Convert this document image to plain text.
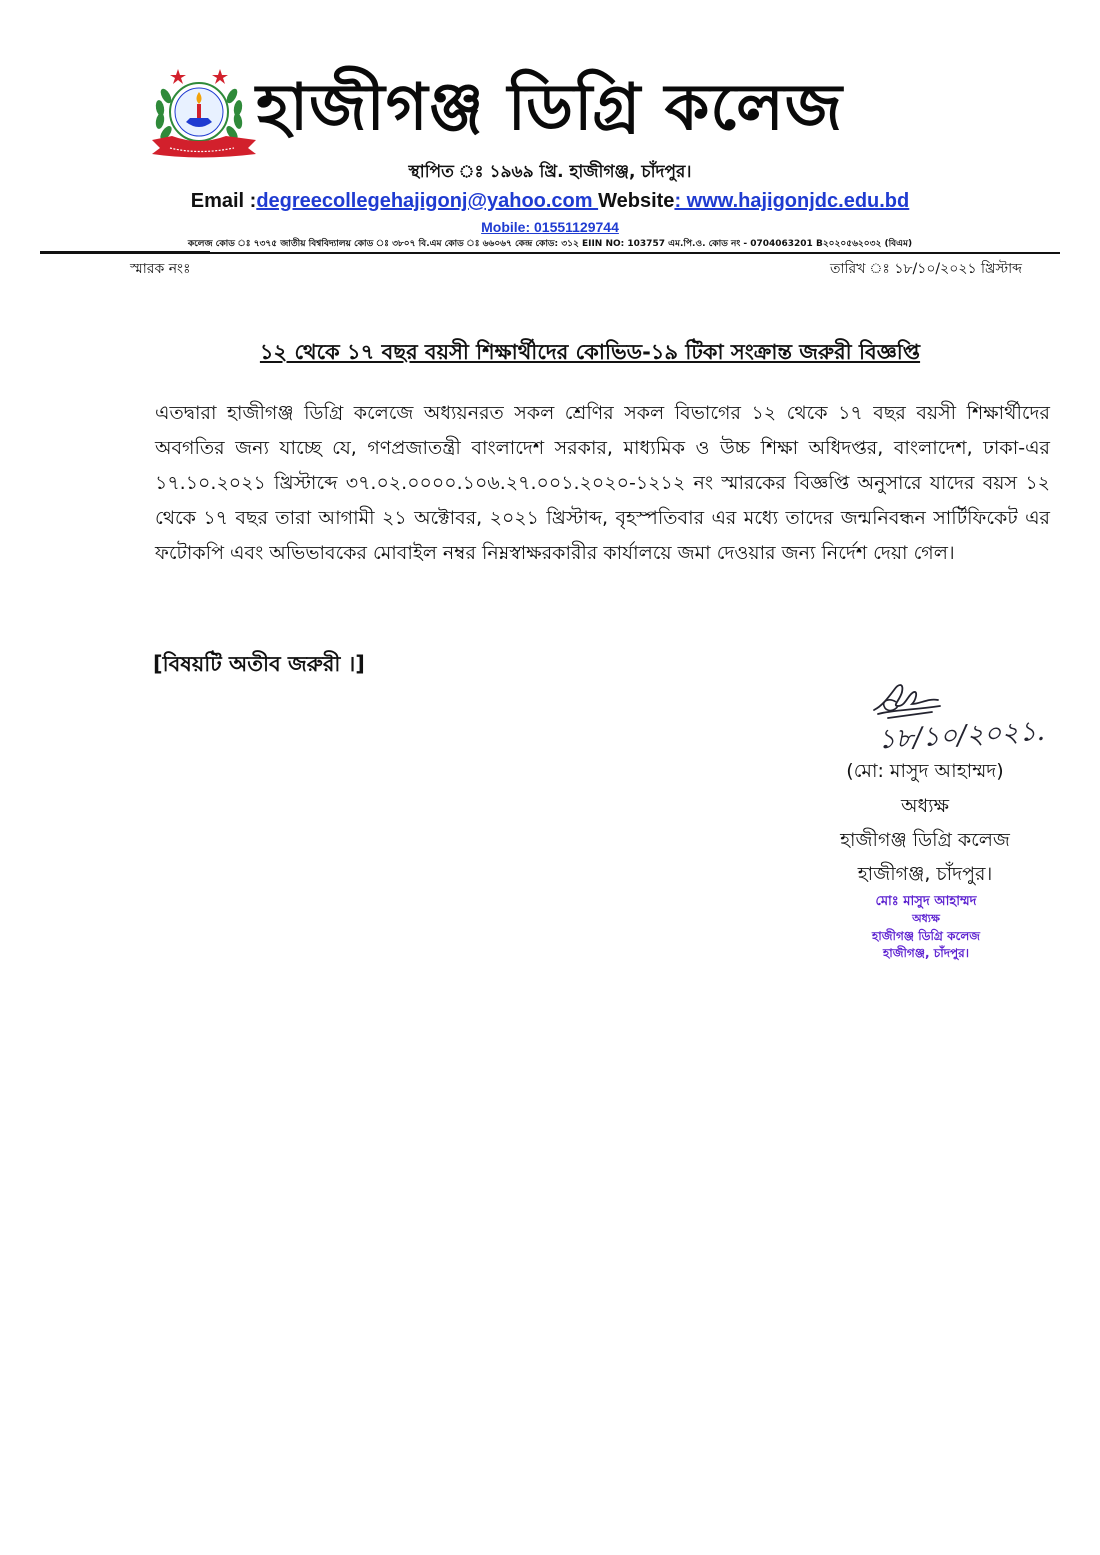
হাজীগঞ্জ ডিগ্রি কলেজ
স্থাপিত ঃ ১৯৬৯ খ্রি. হাজীগঞ্জ, চাঁদপুর।
Email :degreecollegehajigonj@yahoo.com Website: www.hajigonjdc.edu.bd
Mobile: 01551129744
কলেজ কোড ঃ ৭৩৭৫ জাতীয় বিশ্ববিদ্যালয় কোড ঃ ৩৮০৭ বি.এম কোড ঃ ৬৬০৬৭ কেন্দ্র কোড: ৩১২ EIIN NO: 103757 এম.পি.ও. কোড নং - 0704063201 B২০২০৫৬২০৩২ (বিএম)
স্মারক নংঃ	তারিখ ঃ ১৮/১০/২০২১ খ্রিস্টাব্দ
১২ থেকে ১৭ বছর বয়সী শিক্ষার্থীদের কোভিড-১৯ টিকা সংক্রান্ত জরুরী বিজ্ঞপ্তি
এতদ্বারা হাজীগঞ্জ ডিগ্রি কলেজে অধ্যয়নরত সকল শ্রেণির সকল বিভাগের ১২ থেকে ১৭ বছর বয়সী শিক্ষার্থীদের অবগতির জন্য যাচ্ছে যে, গণপ্রজাতন্ত্রী বাংলাদেশ সরকার, মাধ্যমিক ও উচ্চ শিক্ষা অধিদপ্তর, বাংলাদেশ, ঢাকা-এর ১৭.১০.২০২১ খ্রিস্টাব্দে ৩৭.০২.০০০০.১০৬.২৭.০০১.২০২০-১২১২ নং স্মারকের বিজ্ঞপ্তি অনুসারে যাদের বয়স ১২ থেকে ১৭ বছর তারা আগামী ২১ অক্টোবর, ২০২১ খ্রিস্টাব্দ, বৃহস্পতিবার এর মধ্যে তাদের জন্মনিবন্ধন সার্টিফিকেট এর ফটোকপি এবং অভিভাবকের মোবাইল নম্বর নিম্নস্বাক্ষরকারীর কার্যালয়ে জমা দেওয়ার জন্য নির্দেশ দেয়া গেল।
[বিষয়টি অতীব জরুরী ।]
১৮/১০/২০২১.
(মো: মাসুদ আহাম্মদ)
অধ্যক্ষ
হাজীগঞ্জ ডিগ্রি কলেজ
হাজীগঞ্জ, চাঁদপুর।
মোঃ মাসুদ আহাম্মদ
অধ্যক্ষ
হাজীগঞ্জ ডিগ্রি কলেজ
হাজীগঞ্জ, চাঁদপুর।
